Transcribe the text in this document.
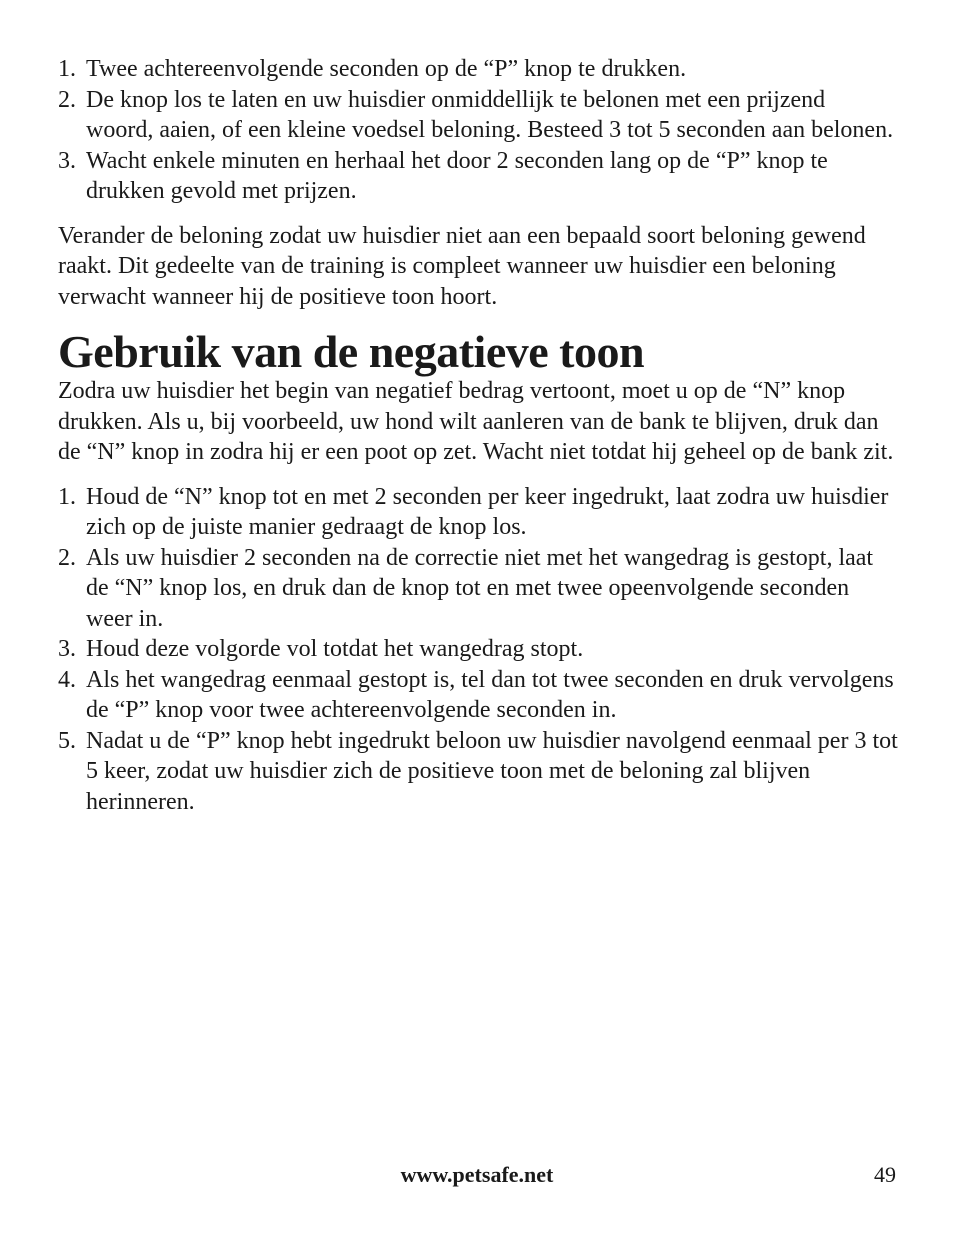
1. Twee achtereenvolgende seconden op de “P” knop te drukken.
2. De knop los te laten en uw huisdier onmiddellijk te belonen met een prijzend woord, aaien, of een kleine voedsel beloning. Besteed 3 tot 5 seconden aan belonen.
3. Wacht enkele minuten en herhaal het door 2 seconden lang op de “P” knop te drukken gevold met prijzen.

Verander de beloning zodat uw huisdier niet aan een bepaald soort beloning gewend raakt. Dit gedeelte van de training is compleet wanneer uw huisdier een beloning verwacht wanneer hij de positieve toon hoort.

Gebruik van de negatieve toon

Zodra uw huisdier het begin van negatief bedrag vertoont, moet u op de “N” knop drukken. Als u, bij voorbeeld, uw hond wilt aanleren van de bank te blijven, druk dan de “N” knop in zodra hij er een poot op zet. Wacht niet totdat hij geheel op de bank zit.

1. Houd de “N” knop tot en met 2 seconden per keer ingedrukt, laat zodra uw huisdier zich op de juiste manier gedraagt de knop los.
2. Als uw huisdier 2 seconden na de correctie niet met het wangedrag is gestopt, laat de “N” knop los, en druk dan de knop tot en met twee opeenvolgende seconden weer in.
3. Houd deze volgorde vol totdat het wangedrag stopt.
4. Als het wangedrag eenmaal gestopt is, tel dan tot twee seconden en druk vervolgens de “P” knop voor twee achtereenvolgende seconden in.
5. Nadat u de “P” knop hebt ingedrukt beloon uw huisdier navolgend eenmaal per 3 tot 5 keer, zodat uw huisdier zich de positieve toon met de beloning zal blijven herinneren.
www.petsafe.net	49
